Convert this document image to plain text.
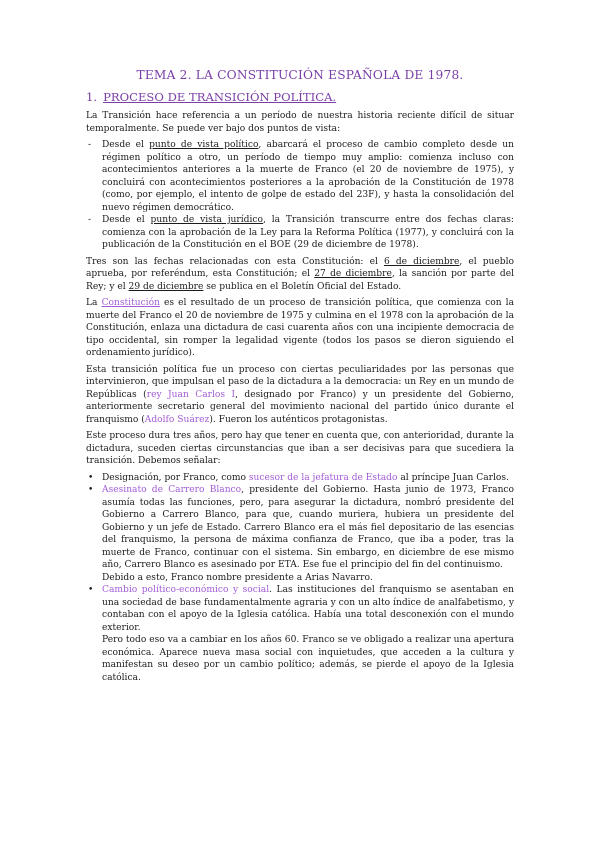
TEMA 2. LA CONSTITUCIÓN ESPAÑOLA DE 1978.
1. PROCESO DE TRANSICIÓN POLÍTICA.

La Transición hace referencia a un período de nuestra historia reciente difícil de situar temporalmente. Se puede ver bajo dos puntos de vista:

- Desde el punto de vista político, abarcará el proceso de cambio completo desde un régimen político a otro, un período de tiempo muy amplio: comienza incluso con acontecimientos anteriores a la muerte de Franco (el 20 de noviembre de 1975), y concluirá con acontecimientos posteriores a la aprobación de la Constitución de 1978 (como, por ejemplo, el intento de golpe de estado del 23F), y hasta la consolidación del nuevo régimen democrático.
- Desde el punto de vista jurídico, la Transición transcurre entre dos fechas claras: comienza con la aprobación de la Ley para la Reforma Política (1977), y concluirá con la publicación de la Constitución en el BOE (29 de diciembre de 1978).

Tres son las fechas relacionadas con esta Constitución: el 6 de diciembre, el pueblo aprueba, por referéndum, esta Constitución; el 27 de diciembre, la sanción por parte del Rey; y el 29 de diciembre se publica en el Boletín Oficial del Estado.

La Constitución es el resultado de un proceso de transición política, que comienza con la muerte del Franco el 20 de noviembre de 1975 y culmina en el 1978 con la aprobación de la Constitución, enlaza una dictadura de casi cuarenta años con una incipiente democracia de tipo occidental, sin romper la legalidad vigente (todos los pasos se dieron siguiendo el ordenamiento jurídico).

Esta transición política fue un proceso con ciertas peculiaridades por las personas que intervinieron, que impulsan el paso de la dictadura a la democracia: un Rey en un mundo de Repúblicas (rey Juan Carlos I, designado por Franco) y un presidente del Gobierno, anteriormente secretario general del movimiento nacional del partido único durante el franquismo (Adolfo Suárez). Fueron los auténticos protagonistas.

Este proceso dura tres años, pero hay que tener en cuenta que, con anterioridad, durante la dictadura, suceden ciertas circunstancias que iban a ser decisivas para que sucediera la transición. Debemos señalar:

• Designación, por Franco, como sucesor de la jefatura de Estado al príncipe Juan Carlos.
• Asesinato de Carrero Blanco, presidente del Gobierno. Hasta junio de 1973, Franco asumía todas las funciones, pero, para asegurar la dictadura, nombró presidente del Gobierno a Carrero Blanco, para que, cuando muriera, hubiera un presidente del Gobierno y un jefe de Estado. Carrero Blanco era el más fiel depositario de las esencias del franquismo, la persona de máxima confianza de Franco, que iba a poder, tras la muerte de Franco, continuar con el sistema. Sin embargo, en diciembre de ese mismo año, Carrero Blanco es asesinado por ETA. Ese fue el principio del fin del continuismo.
Debido a esto, Franco nombre presidente a Arias Navarro.
• Cambio político-económico y social. Las instituciones del franquismo se asentaban en una sociedad de base fundamentalmente agraria y con un alto índice de analfabetismo, y contaban con el apoyo de la Iglesia católica. Había una total desconexión con el mundo exterior.
Pero todo eso va a cambiar en los años 60. Franco se ve obligado a realizar una apertura económica. Aparece nueva masa social con inquietudes, que acceden a la cultura y manifestan su deseo por un cambio político; además, se pierde el apoyo de la Iglesia católica.
